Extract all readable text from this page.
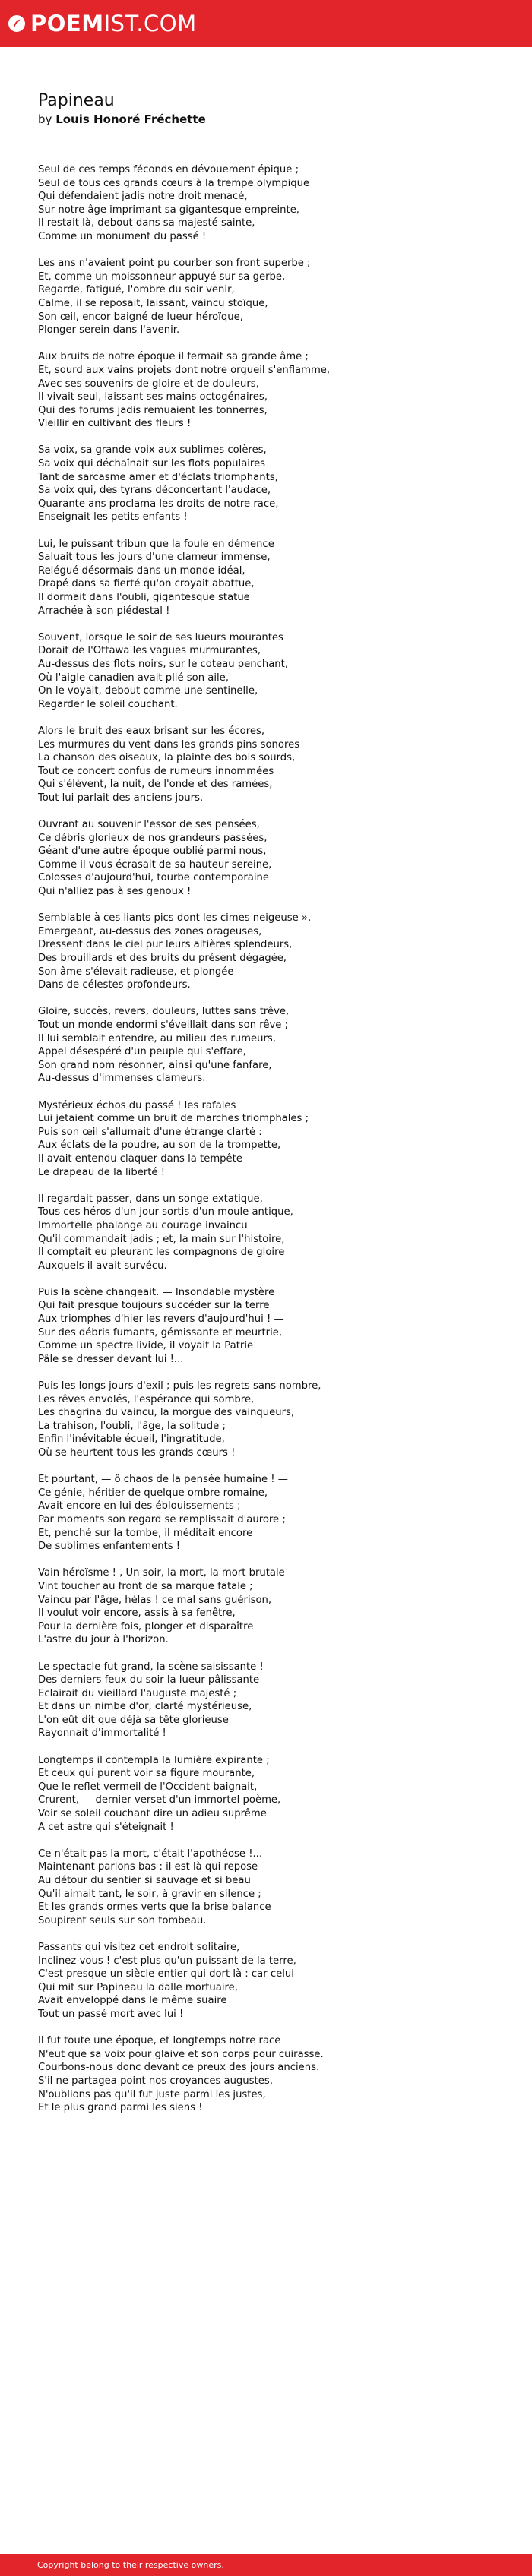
POEMIST.COM
Papineau
by Louis Honoré Fréchette

Seul de ces temps féconds en dévouement épique ;
Seul de tous ces grands cœurs à la trempe olympique
Qui défendaient jadis notre droit menacé,
Sur notre âge imprimant sa gigantesque empreinte,
Il restait là, debout dans sa majesté sainte,
Comme un monument du passé !

Les ans n'avaient point pu courber son front superbe ;
Et, comme un moissonneur appuyé sur sa gerbe,
Regarde, fatigué, l'ombre du soir venir,
Calme, il se reposait, laissant, vaincu stoïque,
Son œil, encor baigné de lueur héroïque,
Plonger serein dans l'avenir.

Aux bruits de notre époque il fermait sa grande âme ;
Et, sourd aux vains projets dont notre orgueil s'enflamme,
Avec ses souvenirs de gloire et de douleurs,
Il vivait seul, laissant ses mains octogénaires,
Qui des forums jadis remuaient les tonnerres,
Vieillir en cultivant des fleurs !

Sa voix, sa grande voix aux sublimes colères,
Sa voix qui déchaînait sur les flots populaires
Tant de sarcasme amer et d'éclats triomphants,
Sa voix qui, des tyrans déconcertant l'audace,
Quarante ans proclama les droits de notre race,
Enseignait les petits enfants !

Lui, le puissant tribun que la foule en démence
Saluait tous les jours d'une clameur immense,
Relégué désormais dans un monde idéal,
Drapé dans sa fierté qu'on croyait abattue,
Il dormait dans l'oubli, gigantesque statue
Arrachée à son piédestal !

Souvent, lorsque le soir de ses lueurs mourantes
Dorait de l'Ottawa les vagues murmurantes,
Au-dessus des flots noirs, sur le coteau penchant,
Où l'aigle canadien avait plié son aile,
On le voyait, debout comme une sentinelle,
Regarder le soleil couchant.

Alors le bruit des eaux brisant sur les écores,
Les murmures du vent dans les grands pins sonores
La chanson des oiseaux, la plainte des bois sourds,
Tout ce concert confus de rumeurs innommées
Qui s'élèvent, la nuit, de l'onde et des ramées,
Tout lui parlait des anciens jours.

Ouvrant au souvenir l'essor de ses pensées,
Ce débris glorieux de nos grandeurs passées,
Géant d'une autre époque oublié parmi nous,
Comme il vous écrasait de sa hauteur sereine,
Colosses d'aujourd'hui, tourbe contemporaine
Qui n'alliez pas à ses genoux !

Semblable à ces liants pics dont les cimes neigeuse »,
Emergeant, au-dessus des zones orageuses,
Dressent dans le ciel pur leurs altières splendeurs,
Des brouillards et des bruits du présent dégagée,
Son âme s'élevait radieuse, et plongée
Dans de célestes profondeurs.

Gloire, succès, revers, douleurs, luttes sans trêve,
Tout un monde endormi s'éveillait dans son rêve ;
Il lui semblait entendre, au milieu des rumeurs,
Appel désespéré d'un peuple qui s'effare,
Son grand nom résonner, ainsi qu'une fanfare,
Au-dessus d'immenses clameurs.

Mystérieux échos du passé ! les rafales
Lui jetaient comme un bruit de marches triomphales ;
Puis son œil s'allumait d'une étrange clarté :
Aux éclats de la poudre, au son de la trompette,
Il avait entendu claquer dans la tempête
Le drapeau de la liberté !

Il regardait passer, dans un songe extatique,
Tous ces héros d'un jour sortis d'un moule antique,
Immortelle phalange au courage invaincu
Qu'il commandait jadis ; et, la main sur l'histoire,
Il comptait eu pleurant les compagnons de gloire
Auxquels il avait survécu.

Puis la scène changeait. — Insondable mystère
Qui fait presque toujours succéder sur la terre
Aux triomphes d'hier les revers d'aujourd'hui ! —
Sur des débris fumants, gémissante et meurtrie,
Comme un spectre livide, il voyait la Patrie
Pâle se dresser devant lui !...

Puis les longs jours d'exil ; puis les regrets sans nombre,
Les rêves envolés, l'espérance qui sombre,
Les chagrina du vaincu, la morgue des vainqueurs,
La trahison, l'oubli, l'âge, la solitude ;
Enfin l'inévitable écueil, l'ingratitude,
Où se heurtent tous les grands cœurs !

Et pourtant, — ô chaos de la pensée humaine ! —
Ce génie, héritier de quelque ombre romaine,
Avait encore en lui des éblouissements ;
Par moments son regard se remplissait d'aurore ;
Et, penché sur la tombe, il méditait encore
De sublimes enfantements !

Vain héroïsme ! , Un soir, la mort, la mort brutale
Vint toucher au front de sa marque fatale ;
Vaincu par l'âge, hélas ! ce mal sans guérison,
Il voulut voir encore, assis à sa fenêtre,
Pour la dernière fois, plonger et disparaître
L'astre du jour à l'horizon.

Le spectacle fut grand, la scène saisissante !
Des derniers feux du soir la lueur pâlissante
Eclairait du vieillard l'auguste majesté ;
Et dans un nimbe d'or, clarté mystérieuse,
L'on eût dit que déjà sa tête glorieuse
Rayonnait d'immortalité !

Longtemps il contempla la lumière expirante ;
Et ceux qui purent voir sa figure mourante,
Que le reflet vermeil de l'Occident baignait,
Crurent, — dernier verset d'un immortel poème,
Voir se soleil couchant dire un adieu suprême
A cet astre qui s'éteignait !

Ce n'était pas la mort, c'était l'apothéose !...
Maintenant parlons bas : il est là qui repose
Au détour du sentier si sauvage et si beau
Qu'il aimait tant, le soir, à gravir en silence ;
Et les grands ormes verts que la brise balance
Soupirent seuls sur son tombeau.

Passants qui visitez cet endroit solitaire,
Inclinez-vous ! c'est plus qu'un puissant de la terre,
C'est presque un siècle entier qui dort là : car celui
Qui mit sur Papineau la dalle mortuaire,
Avait enveloppé dans le même suaire
Tout un passé mort avec lui !

Il fut toute une époque, et longtemps notre race
N'eut que sa voix pour glaive et son corps pour cuirasse.
Courbons-nous donc devant ce preux des jours anciens.
S'il ne partagea point nos croyances augustes,
N'oublions pas qu'il fut juste parmi les justes,
Et le plus grand parmi les siens !

Copyright belong to their respective owners.
